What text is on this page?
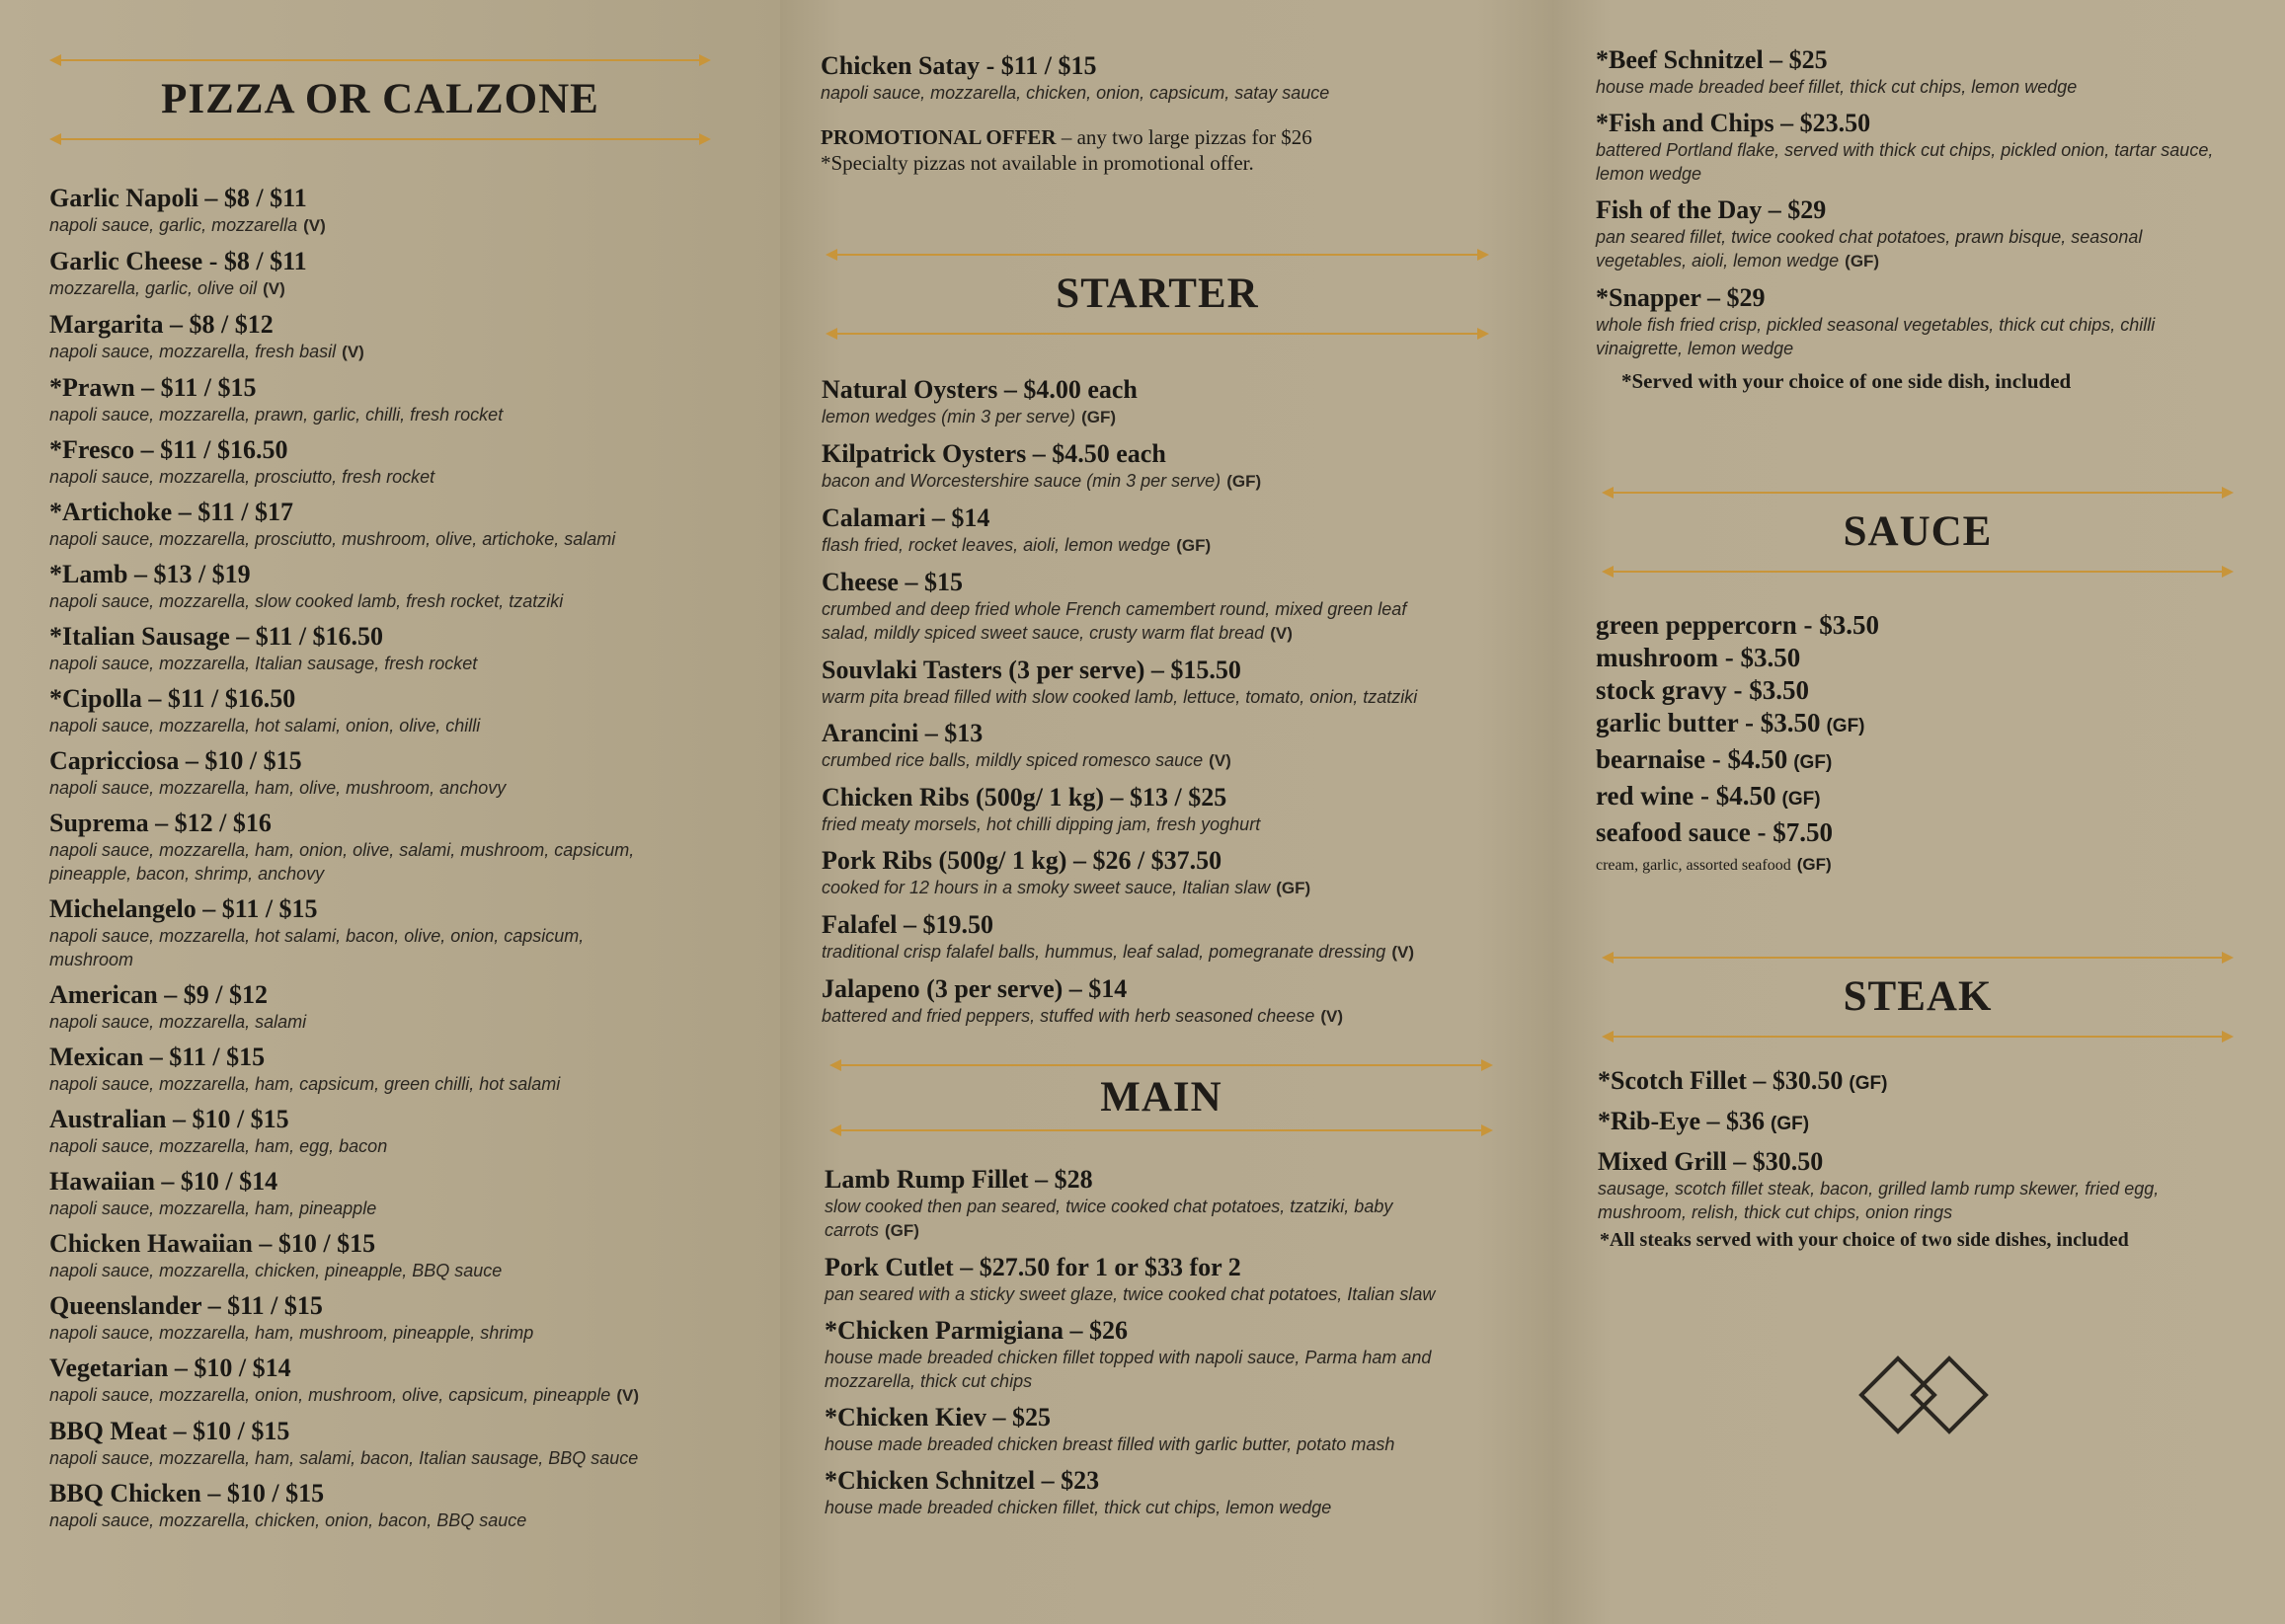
PIZZA OR CALZONE
Garlic Napoli – $8 / $11
napoli sauce, garlic, mozzarella (V)
Garlic Cheese - $8 / $11
mozzarella, garlic, olive oil (V)
Margarita – $8 / $12
napoli sauce, mozzarella, fresh basil (V)
*Prawn – $11 / $15
napoli sauce, mozzarella, prawn, garlic, chilli, fresh rocket
*Fresco – $11 / $16.50
napoli sauce, mozzarella, prosciutto, fresh rocket
*Artichoke – $11 / $17
napoli sauce, mozzarella, prosciutto, mushroom, olive, artichoke, salami
*Lamb – $13 / $19
napoli sauce, mozzarella, slow cooked lamb, fresh rocket, tzatziki
*Italian Sausage – $11 / $16.50
napoli sauce, mozzarella, Italian sausage, fresh rocket
*Cipolla – $11 / $16.50
napoli sauce, mozzarella, hot salami, onion, olive, chilli
Capricciosa – $10 / $15
napoli sauce, mozzarella, ham, olive, mushroom, anchovy
Suprema – $12 / $16
napoli sauce, mozzarella, ham, onion, olive, salami, mushroom, capsicum, pineapple, bacon, shrimp, anchovy
Michelangelo – $11 / $15
napoli sauce, mozzarella, hot salami, bacon, olive, onion, capsicum, mushroom
American – $9 / $12
napoli sauce, mozzarella, salami
Mexican – $11 / $15
napoli sauce, mozzarella, ham, capsicum, green chilli, hot salami
Australian – $10 / $15
napoli sauce, mozzarella, ham, egg, bacon
Hawaiian – $10 / $14
napoli sauce, mozzarella, ham, pineapple
Chicken Hawaiian – $10 / $15
napoli sauce, mozzarella, chicken, pineapple, BBQ sauce
Queenslander – $11 / $15
napoli sauce, mozzarella, ham, mushroom, pineapple, shrimp
Vegetarian – $10 / $14
napoli sauce, mozzarella, onion, mushroom, olive, capsicum, pineapple (V)
BBQ Meat – $10 / $15
napoli sauce, mozzarella, ham, salami, bacon, Italian sausage, BBQ sauce
BBQ Chicken – $10 / $15
napoli sauce, mozzarella, chicken, onion, bacon, BBQ sauce
Chicken Satay - $11 / $15
napoli sauce, mozzarella, chicken, onion, capsicum, satay sauce
PROMOTIONAL OFFER – any two large pizzas for $26
*Specialty pizzas not available in promotional offer.
STARTER
Natural Oysters – $4.00 each
lemon wedges (min 3 per serve) (GF)
Kilpatrick Oysters – $4.50 each
bacon and Worcestershire sauce (min 3 per serve) (GF)
Calamari – $14
flash fried, rocket leaves, aioli, lemon wedge (GF)
Cheese – $15
crumbed and deep fried whole French camembert round, mixed green leaf salad, mildly spiced sweet sauce, crusty warm flat bread (V)
Souvlaki Tasters (3 per serve) – $15.50
warm pita bread filled with slow cooked lamb, lettuce, tomato, onion, tzatziki
Arancini – $13
crumbed rice balls, mildly spiced romesco sauce (V)
Chicken Ribs (500g/ 1 kg) – $13 / $25
fried meaty morsels, hot chilli dipping jam, fresh yoghurt
Pork Ribs (500g/ 1 kg) – $26 / $37.50
cooked for 12 hours in a smoky sweet sauce, Italian slaw (GF)
Falafel – $19.50
traditional crisp falafel balls, hummus, leaf salad, pomegranate dressing (V)
Jalapeno (3 per serve) – $14
battered and fried peppers, stuffed with herb seasoned cheese (V)
MAIN
Lamb Rump Fillet – $28
slow cooked then pan seared, twice cooked chat potatoes, tzatziki, baby carrots (GF)
Pork Cutlet – $27.50 for 1 or $33 for 2
pan seared with a sticky sweet glaze, twice cooked chat potatoes, Italian slaw
*Chicken Parmigiana – $26
house made breaded chicken fillet topped with napoli sauce, Parma ham and mozzarella, thick cut chips
*Chicken Kiev – $25
house made breaded chicken breast filled with garlic butter, potato mash
*Chicken Schnitzel – $23
house made breaded chicken fillet, thick cut chips, lemon wedge
*Beef Schnitzel – $25
house made breaded beef fillet, thick cut chips, lemon wedge
*Fish and Chips – $23.50
battered Portland flake, served with thick cut chips, pickled onion, tartar sauce, lemon wedge
Fish of the Day – $29
pan seared fillet, twice cooked chat potatoes, prawn bisque, seasonal vegetables, aioli, lemon wedge (GF)
*Snapper – $29
whole fish fried crisp, pickled seasonal vegetables, thick cut chips, chilli vinaigrette, lemon wedge
*Served with your choice of one side dish, included
SAUCE
green peppercorn - $3.50
mushroom - $3.50
stock gravy - $3.50
garlic butter - $3.50 (GF)
bearnaise - $4.50 (GF)
red wine - $4.50 (GF)
seafood sauce - $7.50
cream, garlic, assorted seafood (GF)
STEAK
*Scotch Fillet – $30.50 (GF)
*Rib-Eye – $36 (GF)
Mixed Grill – $30.50
sausage, scotch fillet steak, bacon, grilled lamb rump skewer, fried egg, mushroom, relish, thick cut chips, onion rings
*All steaks served with your choice of two side dishes, included
